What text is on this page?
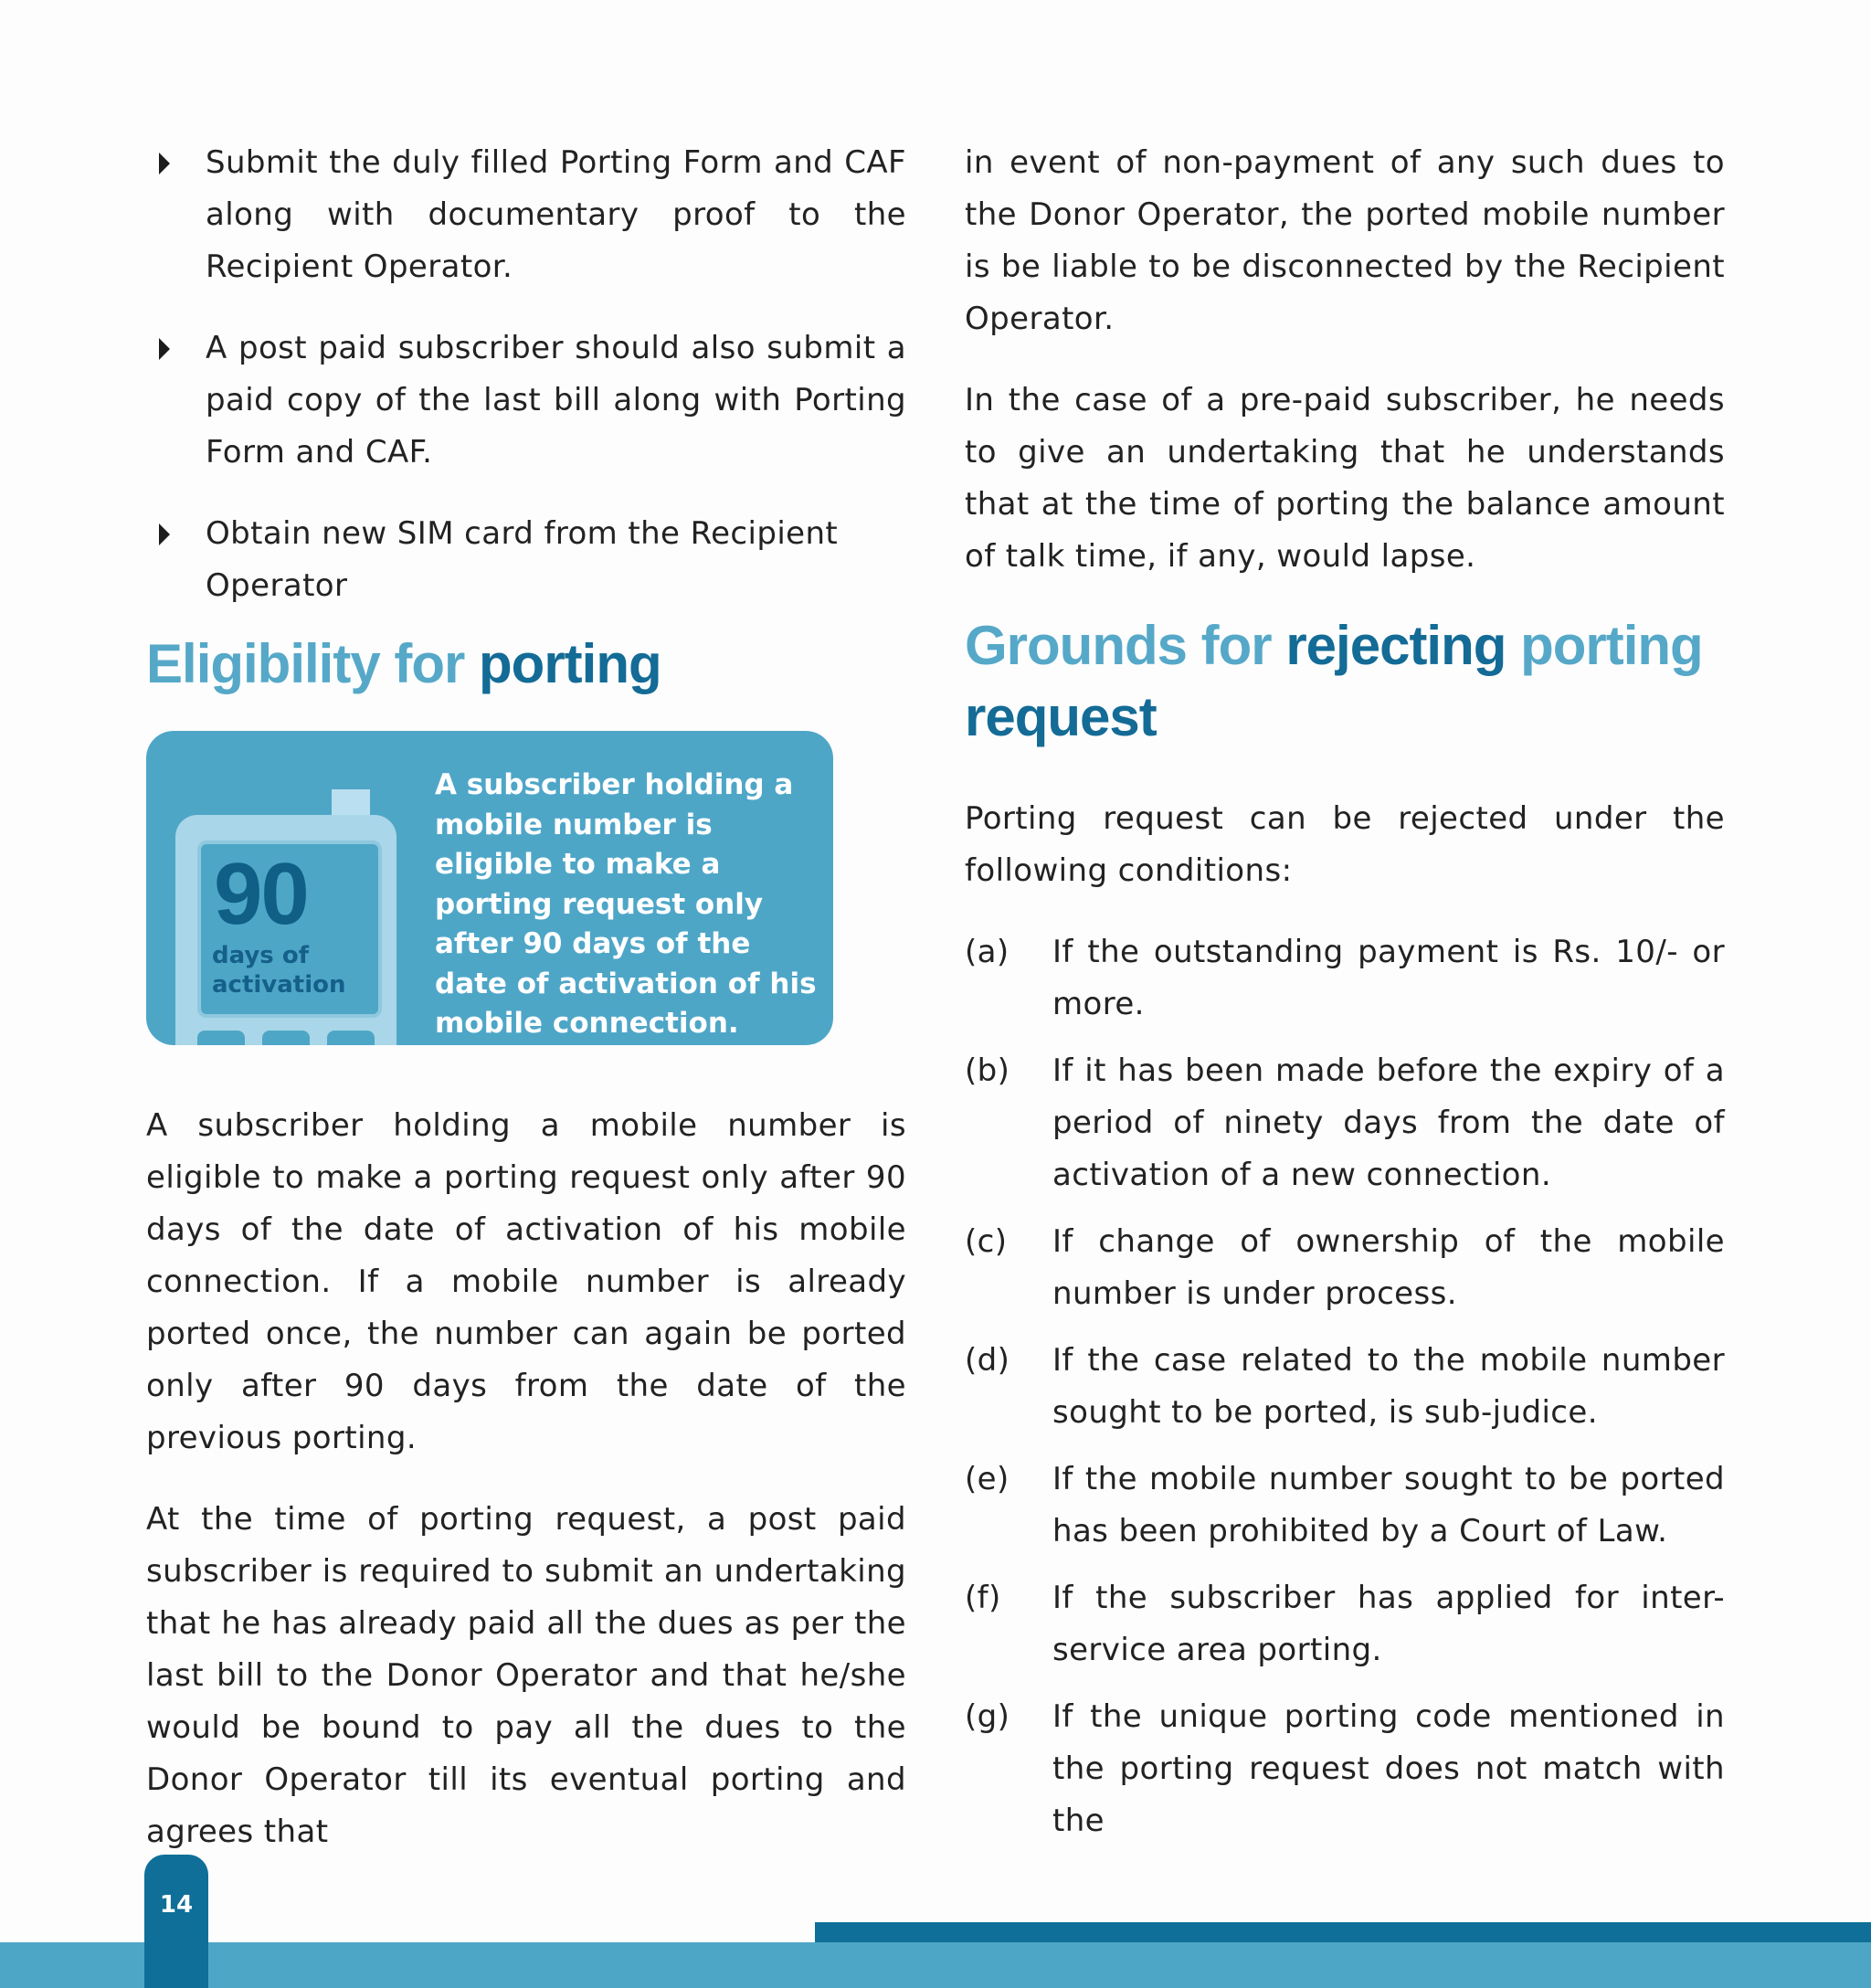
Submit the duly filled Porting Form and CAF along with documentary proof to the Recipient Operator.

A post paid subscriber should also submit a paid copy of the last bill along with Porting Form and CAF.

Obtain new SIM card from the Recipient Operator

Eligibility for porting
90
days of activation
A subscriber holding a mobile number is eligible to make a porting request only after 90 days of the date of activation of his mobile connection.

A subscriber holding a mobile number is eligible to make a porting request only after 90 days of the date of activation of his mobile connection. If a mobile number is already ported once, the number can again be ported only after 90 days from the date of the previous porting.

At the time of porting request, a post paid subscriber is required to submit an undertaking that he has already paid all the dues as per the last bill to the Donor Operator and that he/she would be bound to pay all the dues to the Donor Operator till its eventual porting and agrees that

in event of non-payment of any such dues to the Donor Operator, the ported mobile number is be liable to be disconnected by the Recipient Operator.

In the case of a pre-paid subscriber, he needs to give an undertaking that he understands that at the time of porting the balance amount of talk time, if any, would lapse.

Grounds for rejecting porting
request

Porting request can be rejected under the following conditions:

(a) If the outstanding payment is Rs. 10/- or more.

(b) If it has been made before the expiry of a period of ninety days from the date of activation of a new connection.

(c) If change of ownership of the mobile number is under process.

(d) If the case related to the mobile number sought to be ported, is sub-judice.

(e) If the mobile number sought to be ported has been prohibited by a Court of Law.

(f) If the subscriber has applied for inter-service area porting.

(g) If the unique porting code mentioned in the porting request does not match with the

14
